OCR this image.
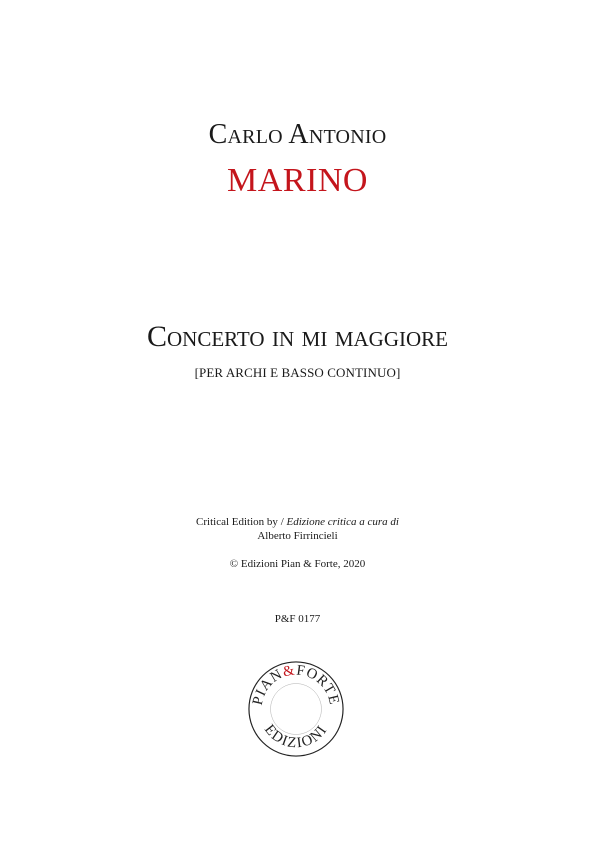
Carlo Antonio
MARINO
Concerto in mi maggiore
[PER ARCHI E BASSO CONTINUO]
Critical Edition by / Edizione critica a cura di
Alberto Firrincieli
© Edizioni Pian & Forte, 2020
P&F 0177
PIAN&FORTE
EDIZIONI
